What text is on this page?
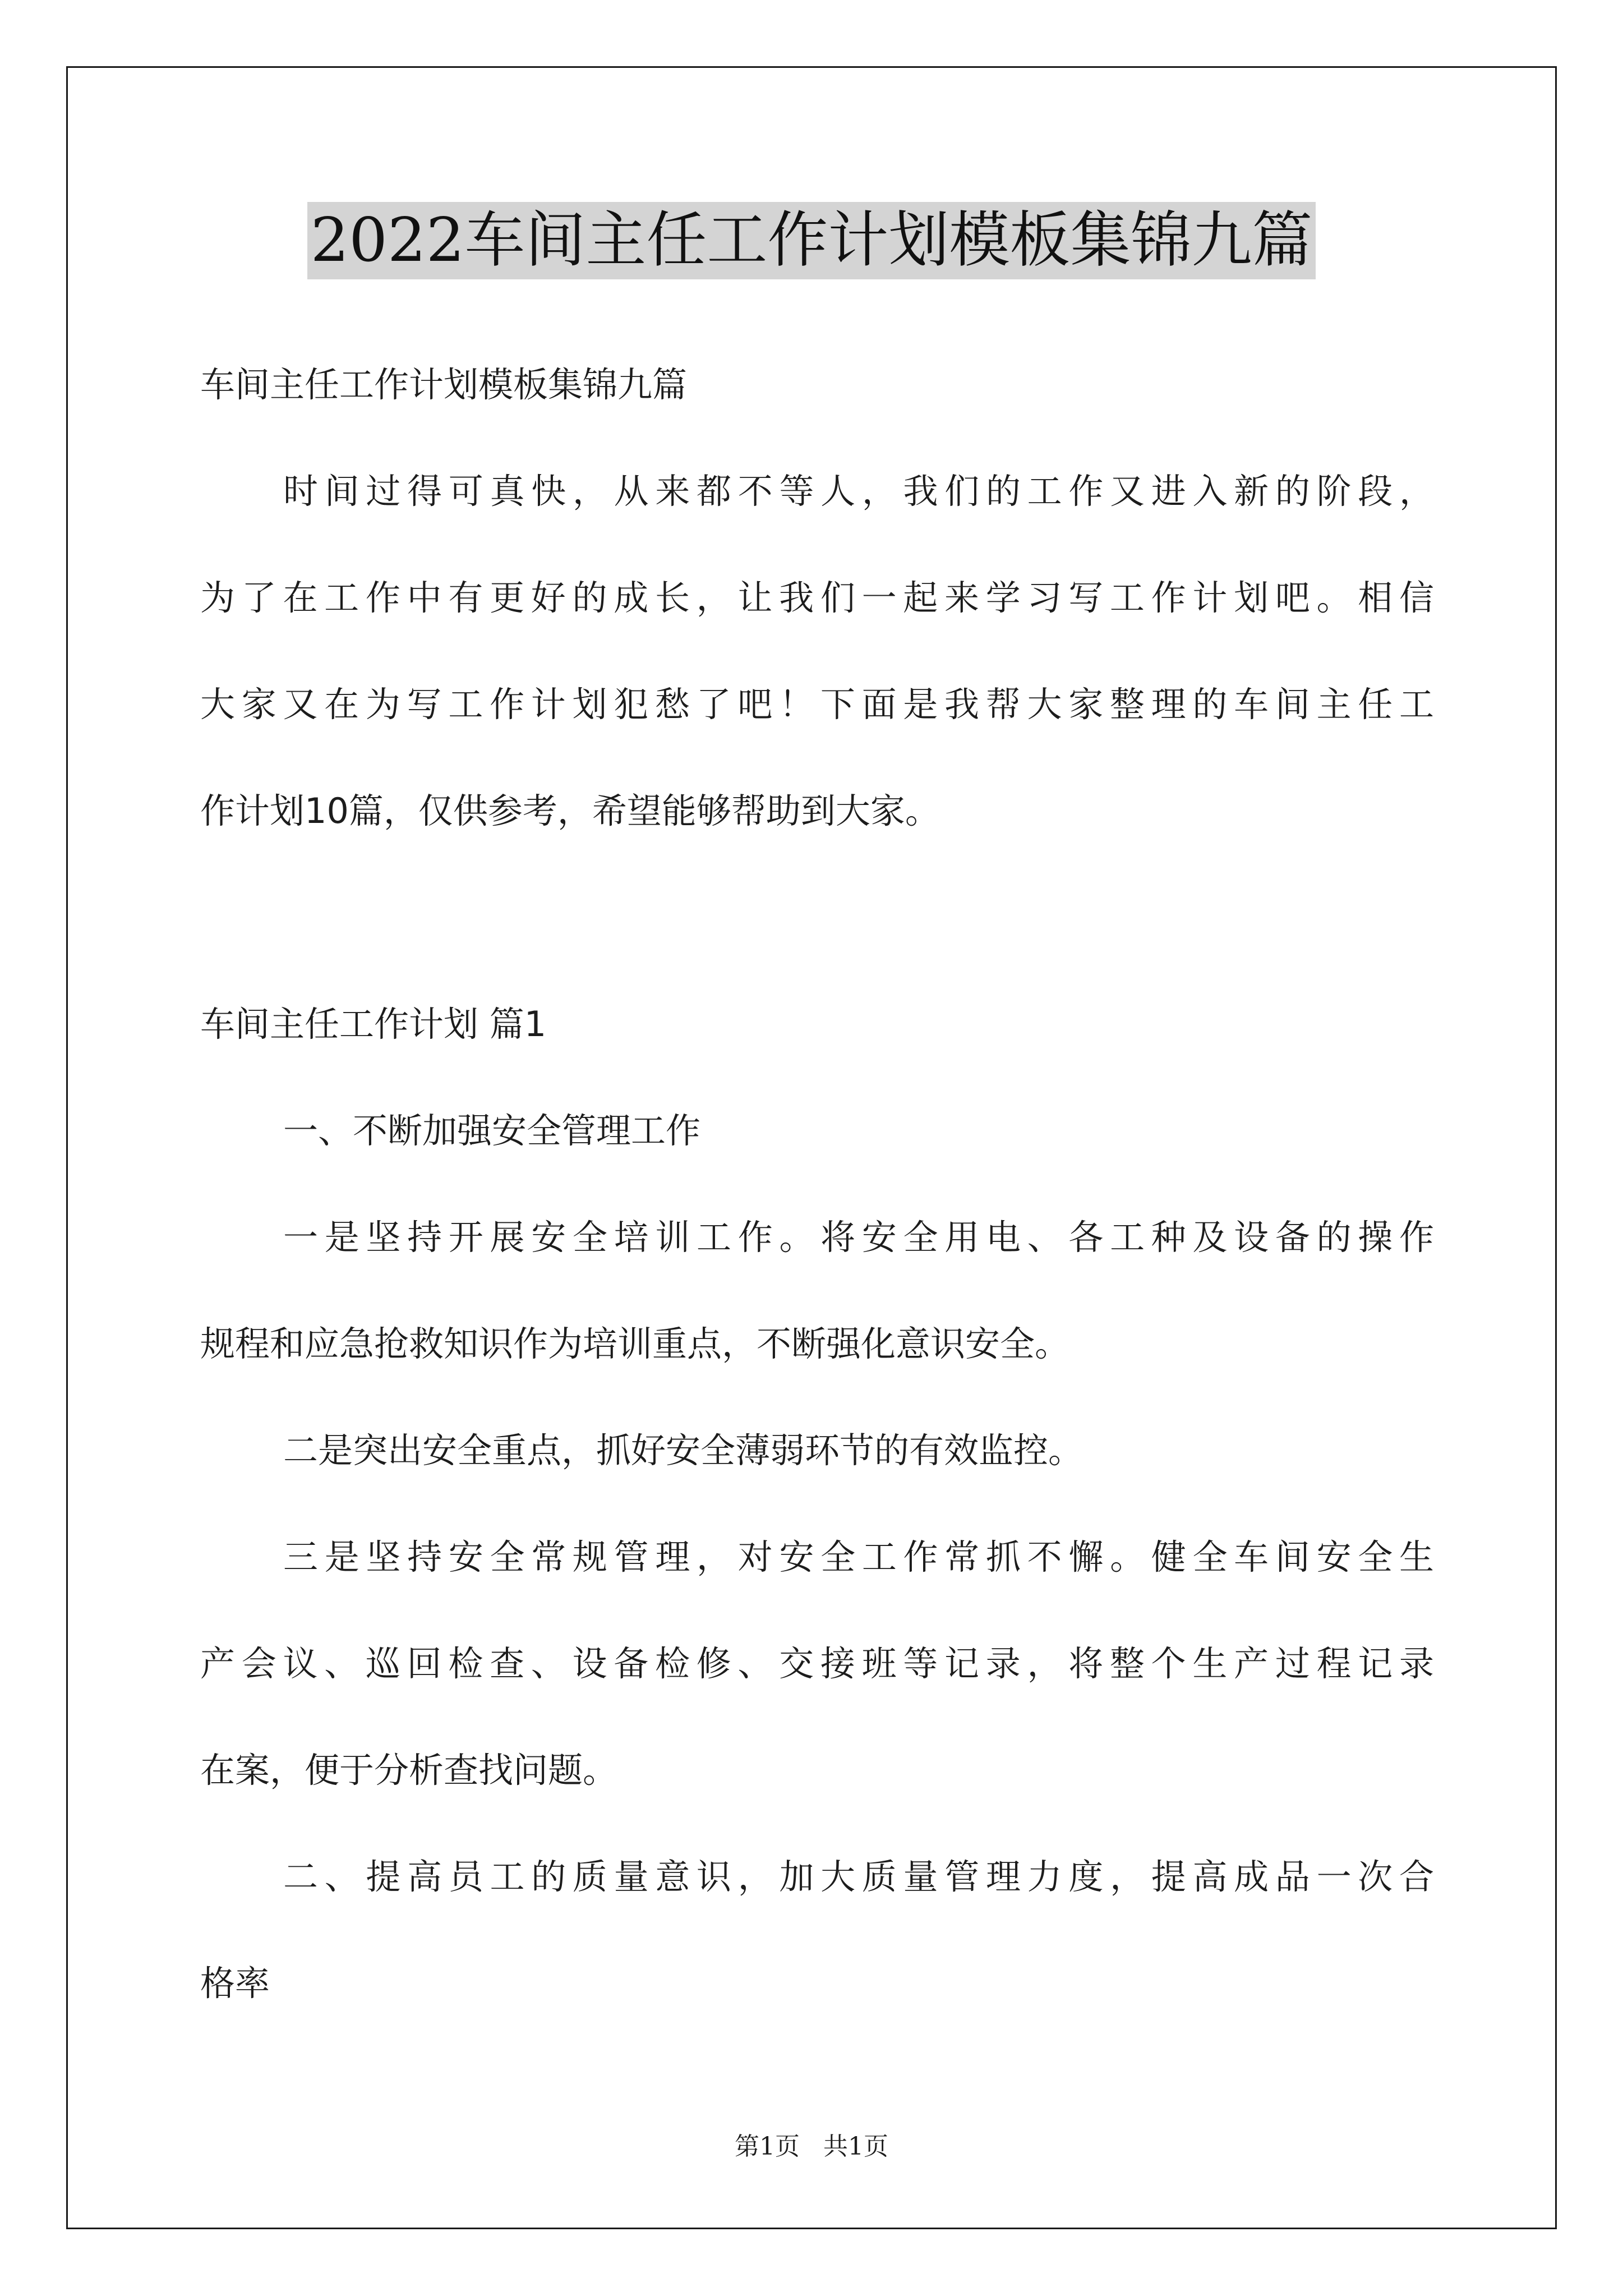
2022车间主任工作计划模板集锦九篇
车间主任工作计划模板集锦九篇
时间过得可真快，从来都不等人，我们的工作又进入新的阶段，
为了在工作中有更好的成长，让我们一起来学习写工作计划吧。相信
大家又在为写工作计划犯愁了吧！下面是我帮大家整理的车间主任工
作计划10篇，仅供参考，希望能够帮助到大家。
车间主任工作计划 篇1
一、不断加强安全管理工作
一是坚持开展安全培训工作。将安全用电、各工种及设备的操作
规程和应急抢救知识作为培训重点，不断强化意识安全。
二是突出安全重点，抓好安全薄弱环节的有效监控。
三是坚持安全常规管理，对安全工作常抓不懈。健全车间安全生
产会议、巡回检查、设备检修、交接班等记录，将整个生产过程记录
在案，便于分析查找问题。
二、提高员工的质量意识，加大质量管理力度，提高成品一次合
格率
第1页   共1页
